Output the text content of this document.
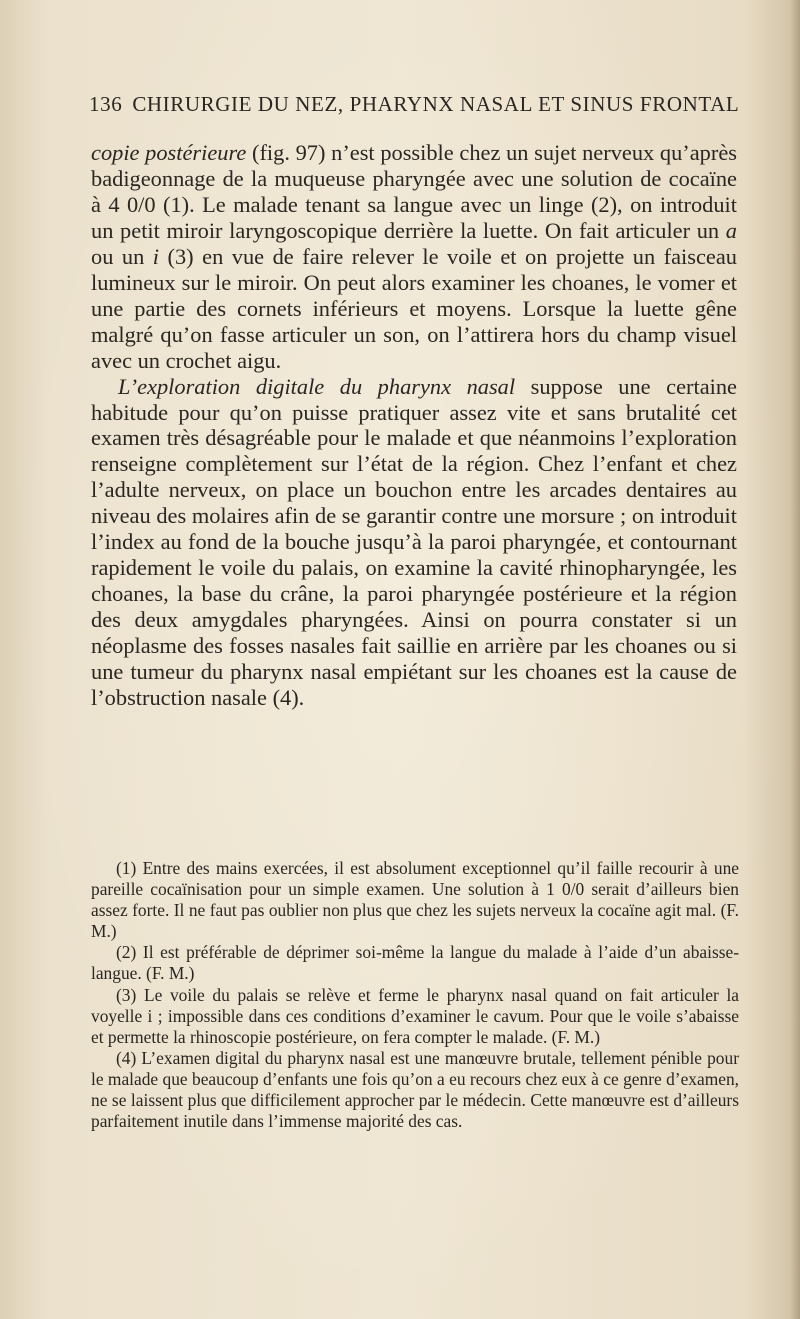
136 CHIRURGIE DU NEZ, PHARYNX NASAL ET SINUS FRONTAL

copie postérieure (fig. 97) n’est possible chez un sujet nerveux qu’après badigeonnage de la muqueuse pharyngée avec une solution de cocaïne à 4 0/0 (1). Le malade tenant sa langue avec un linge (2), on introduit un petit miroir laryngoscopique derrière la luette. On fait articuler un a ou un i (3) en vue de faire relever le voile et on projette un faisceau lumineux sur le miroir. On peut alors examiner les choanes, le vomer et une partie des cornets inférieurs et moyens. Lorsque la luette gêne malgré qu’on fasse articuler un son, on l’attirera hors du champ visuel avec un crochet aigu.

L’exploration digitale du pharynx nasal suppose une certaine habitude pour qu’on puisse pratiquer assez vite et sans brutalité cet examen très désagréable pour le malade et que néanmoins l’exploration renseigne complètement sur l’état de la région. Chez l’enfant et chez l’adulte nerveux, on place un bouchon entre les arcades dentaires au niveau des molaires afin de se garantir contre une morsure ; on introduit l’index au fond de la bouche jusqu’à la paroi pharyngée, et contournant rapidement le voile du palais, on examine la cavité rhinopharyngée, les choanes, la base du crâne, la paroi pharyngée postérieure et la région des deux amygdales pharyngées. Ainsi on pourra constater si un néoplasme des fosses nasales fait saillie en arrière par les choanes ou si une tumeur du pharynx nasal empiétant sur les choanes est la cause de l’obstruction nasale (4).

(1) Entre des mains exercées, il est absolument exceptionnel qu’il faille recourir à une pareille cocaïnisation pour un simple examen. Une solution à 1 0/0 serait d’ailleurs bien assez forte. Il ne faut pas oublier non plus que chez les sujets nerveux la cocaïne agit mal. (F. M.)

(2) Il est préférable de déprimer soi-même la langue du malade à l’aide d’un abaisse-langue. (F. M.)

(3) Le voile du palais se relève et ferme le pharynx nasal quand on fait articuler la voyelle i ; impossible dans ces conditions d’examiner le cavum. Pour que le voile s’abaisse et permette la rhinoscopie postérieure, on fera compter le malade. (F. M.)

(4) L’examen digital du pharynx nasal est une manœuvre brutale, tellement pénible pour le malade que beaucoup d’enfants une fois qu’on a eu recours chez eux à ce genre d’examen, ne se laissent plus que difficilement approcher par le médecin. Cette manœuvre est d’ailleurs parfaitement inutile dans l’immense majorité des cas.
